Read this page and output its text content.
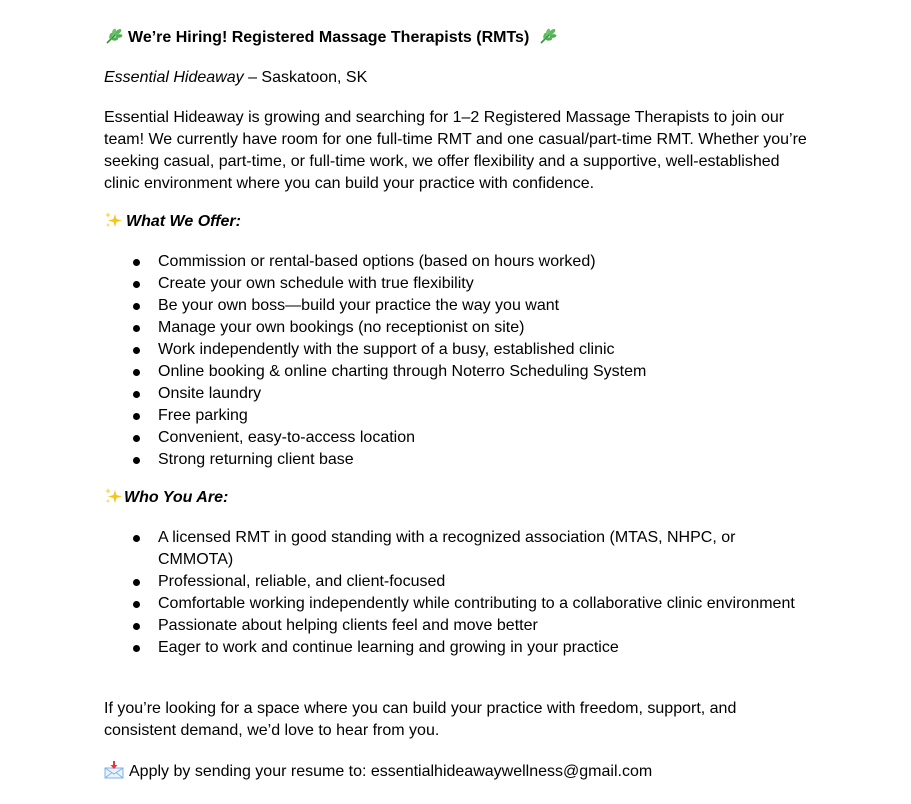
We’re Hiring! Registered Massage Therapists (RMTs)
Essential Hideaway – Saskatoon, SK
Essential Hideaway is growing and searching for 1–2 Registered Massage Therapists to join our team! We currently have room for one full-time RMT and one casual/part-time RMT. Whether you’re seeking casual, part-time, or full-time work, we offer flexibility and a supportive, well-established clinic environment where you can build your practice with confidence.
What We Offer:
Commission or rental-based options (based on hours worked)
Create your own schedule with true flexibility
Be your own boss—build your practice the way you want
Manage your own bookings (no receptionist on site)
Work independently with the support of a busy, established clinic
Online booking & online charting through Noterro Scheduling System
Onsite laundry
Free parking
Convenient, easy-to-access location
Strong returning client base
Who You Are:
A licensed RMT in good standing with a recognized association (MTAS, NHPC, or CMMOTA)
Professional, reliable, and client-focused
Comfortable working independently while contributing to a collaborative clinic environment
Passionate about helping clients feel and move better
Eager to work and continue learning and growing in your practice
If you’re looking for a space where you can build your practice with freedom, support, and consistent demand, we’d love to hear from you.
Apply by sending your resume to: essentialhideawaywellness@gmail.com
